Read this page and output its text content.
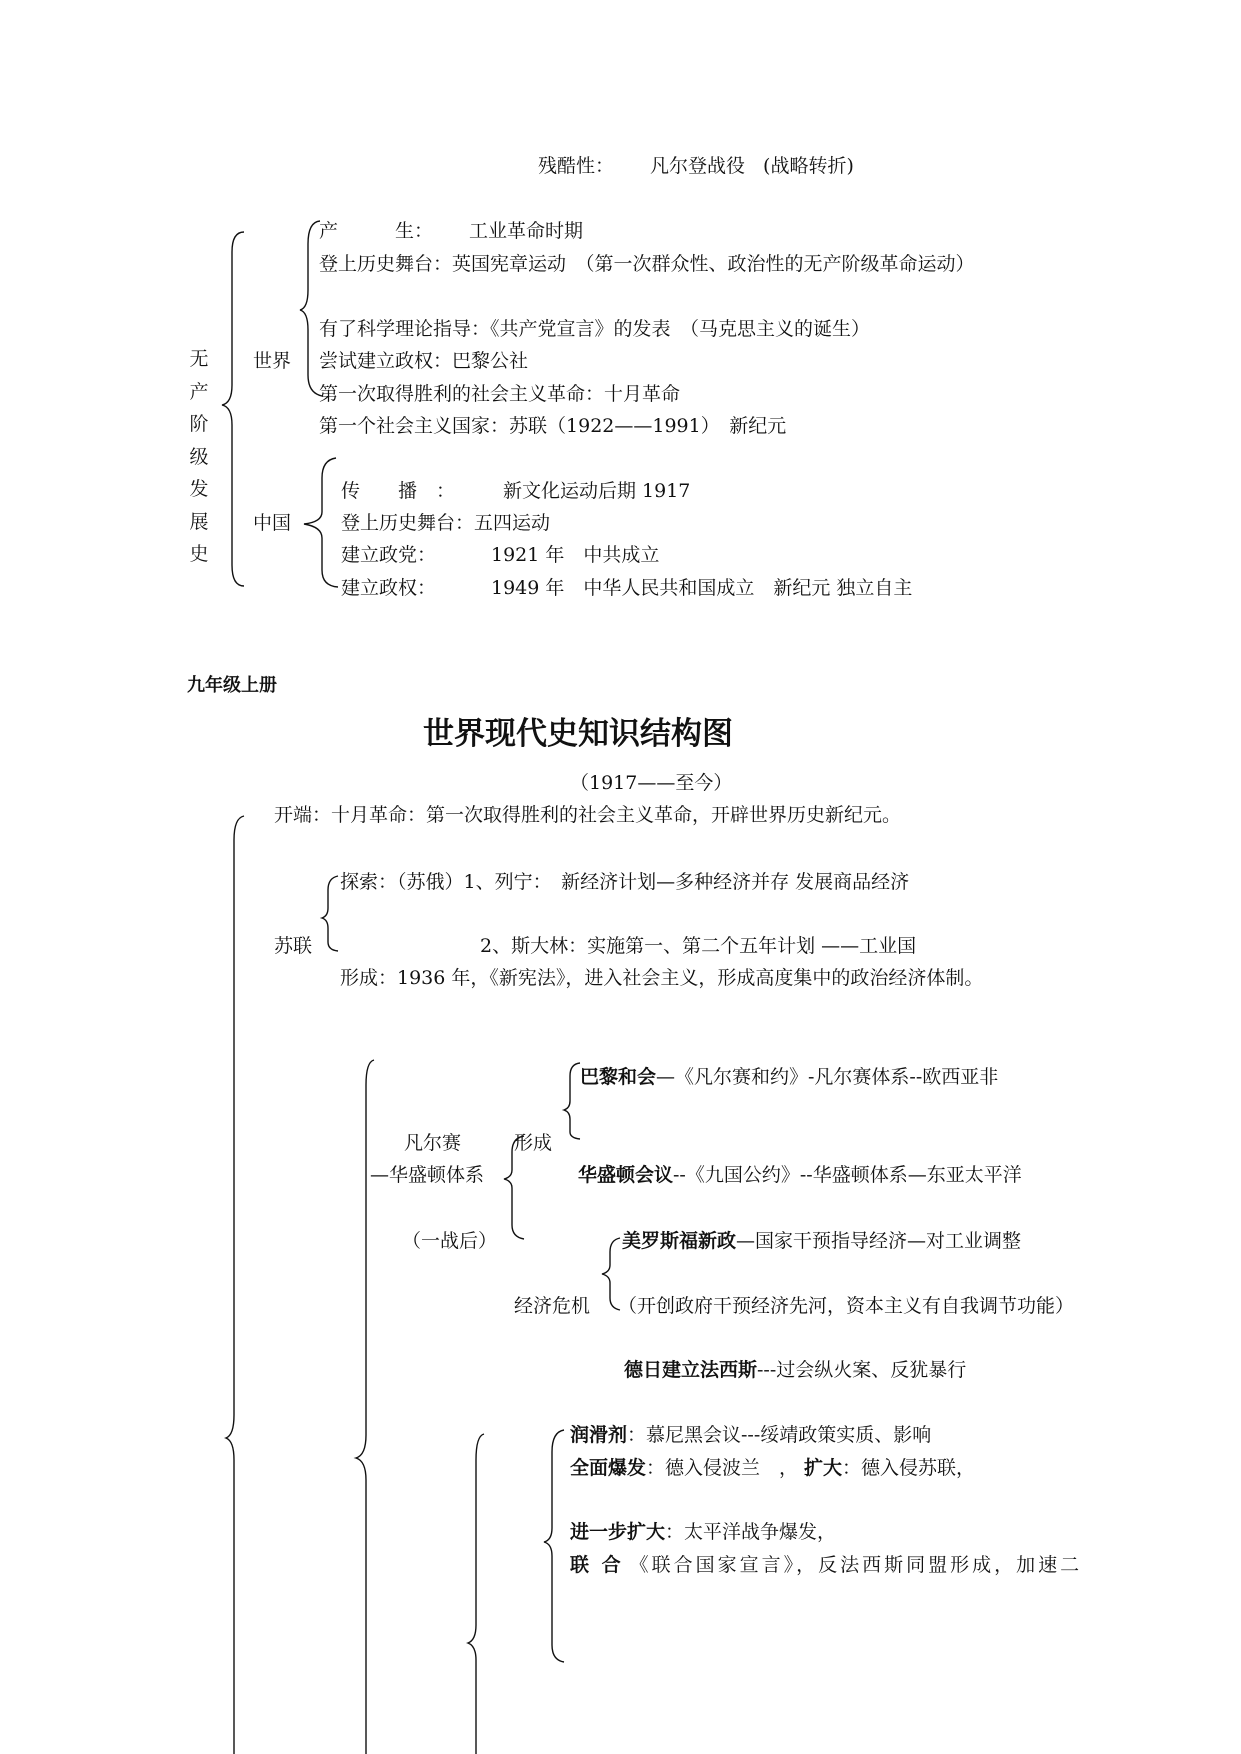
残酷性： 凡尔登战役 (战略转折)
无
产
阶
级
发
展
史
世界
产　　　生： 工业革命时期
登上历史舞台：英国宪章运动　（第一次群众性、政治性的无产阶级革命运动）
有了科学理论指导：《共产党宣言》的发表　（马克思主义的诞生）
尝试建立政权：巴黎公社
第一次取得胜利的社会主义革命：十月革命
第一个社会主义国家：苏联（1922——1991）　新纪元
中国
传　　播　：	新文化运动后期 1917
登上历史舞台：五四运动
建立政党：	1921 年　中共成立
建立政权：	1949 年　中华人民共和国成立　新纪元 独立自主
九年级上册
世界现代史知识结构图
（1917——至今）
开端：十月革命：第一次取得胜利的社会主义革命，开辟世界历史新纪元。
探索：（苏俄）1、列宁：　新经济计划—多种经济并存 发展商品经济
苏联	2、斯大林：实施第一、第二个五年计划 ——工业国
形成：1936 年，《新宪法》，进入社会主义，形成高度集中的政治经济体制。
凡尔赛
—华盛顿体系
（一战后）
形成
巴黎和会—《凡尔赛和约》-凡尔赛体系--欧西亚非
华盛顿会议--《九国公约》--华盛顿体系—东亚太平洋
美罗斯福新政—国家干预指导经济—对工业调整
经济危机 （开创政府干预经济先河，资本主义有自我调节功能）
德日建立法西斯---过会纵火案、反犹暴行
润滑剂：慕尼黑会议---绥靖政策实质、影响
全面爆发：德入侵波兰　， 扩大：德入侵苏联，
进一步扩大：太平洋战争爆发，
联 合 《联合国家宣言》，反法西斯同盟形成，加速二
